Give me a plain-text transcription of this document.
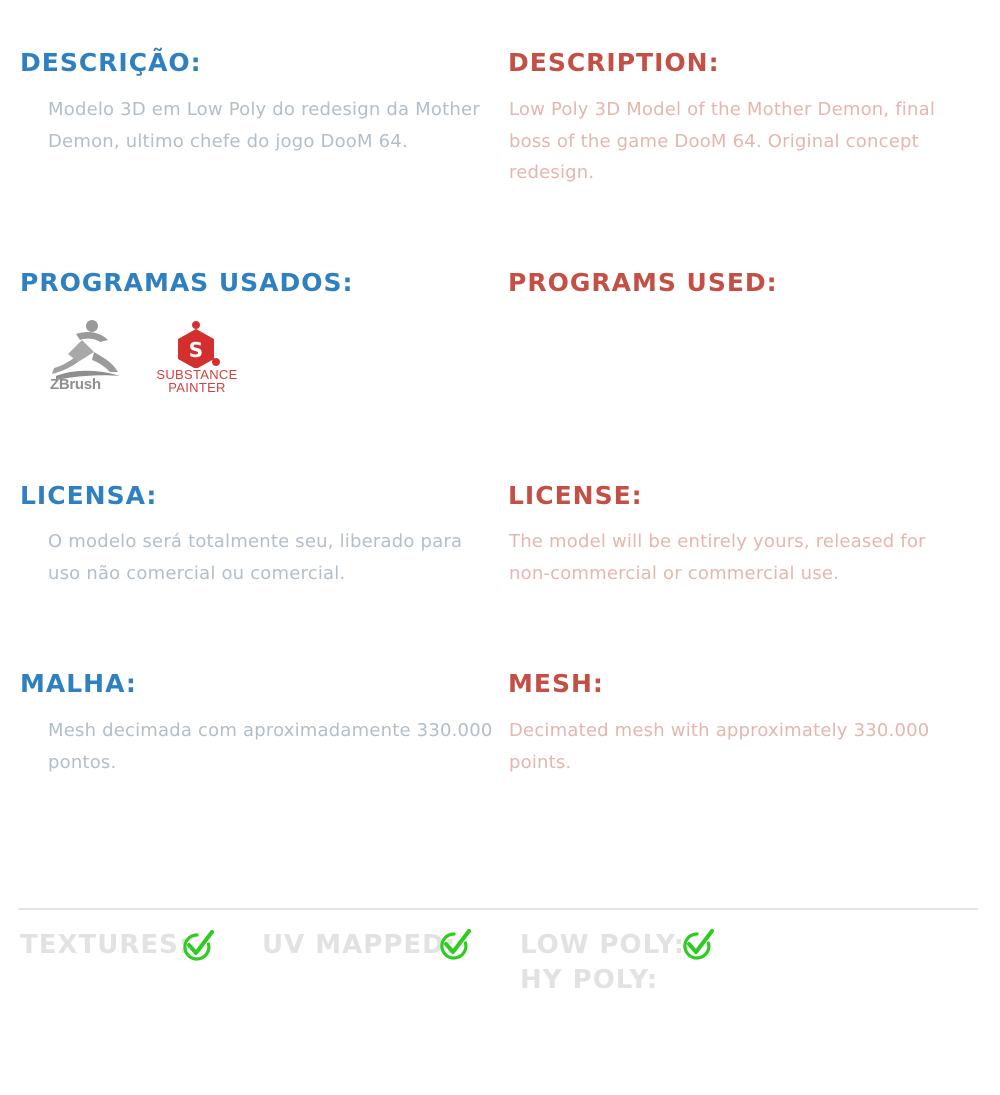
DESCRIÇÃO:

Modelo 3D em Low Poly do redesign da Mother Demon, ultimo chefe do jogo DooM 64.

PROGRAMAS USADOS:
ZBrush
S
SUBSTANCE
PAINTER
LICENSA:

O modelo será totalmente seu, liberado para uso não comercial ou comercial.

MALHA:

Mesh decimada com aproximadamente 330.000 pontos.

DESCRIPTION:

Low Poly 3D Model of the Mother Demon, final boss of the game DooM 64. Original concept redesign.

PROGRAMS USED:
LICENSE:

The model will be entirely yours, released for non-commercial or commercial use.

MESH:

Decimated mesh with approximately 330.000 points.

TEXTURES:	UV MAPPED: LOW POLY:
HY POLY:
